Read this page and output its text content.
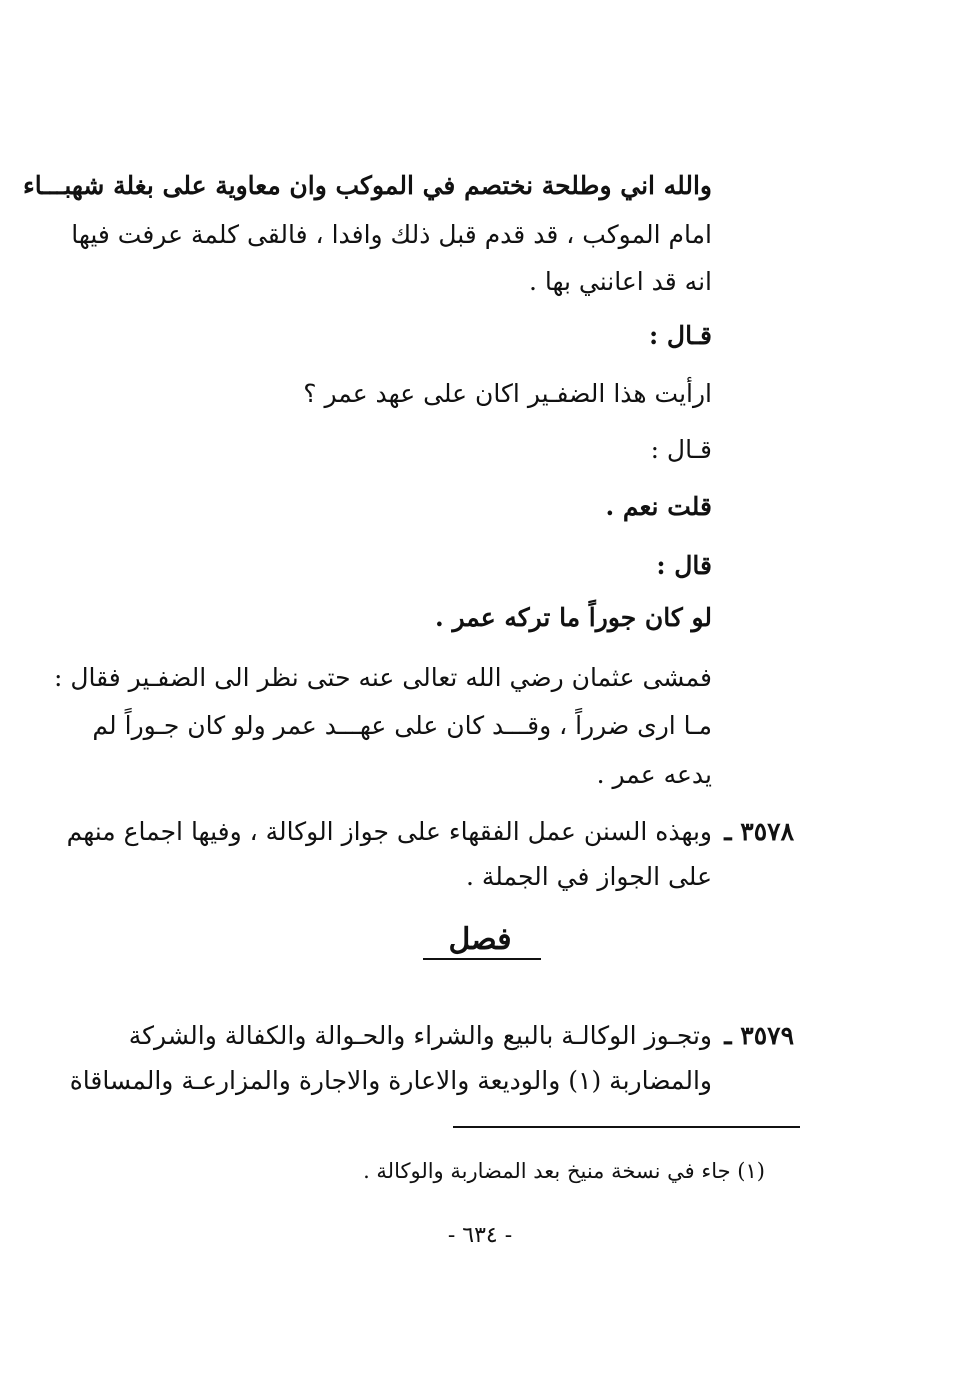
والله اني وطلحة نختصم في الموكب وان معاوية على بغلة شهبـــاء
امام الموكب ، قد قدم قبل ذلك وافدا ، فالقى كلمة عرفت فيها
انه قد اعانني بها .
قـال :
ارأيت هذا الضفـير اكان على عهد عمر ؟
قـال :
قلت نعم .
قال :
لو كان جوراً ما تركه عمر .
فمشى عثمان رضي الله تعالى عنه حتى نظر الى الضفـير فقال :
مـا ارى ضرراً ، وقـــد كان على عهـــد عمر ولو كان جـوراً لم
يدعه عمر .
٣٥٧٨ ـ
وبهذه السنن عمل الفقهاء على جواز الوكالة ، وفيها اجماع منهم
على الجواز في الجملة .
فصل
٣٥٧٩ ـ
وتجـوز الوكالـة بالبيع والشراء والحـوالة والكفالة والشركة
والمضاربة (١) والوديعة والاعارة والاجارة والمزارعـة والمساقاة
(١) جاء في نسخة منيخ بعد المضاربة والوكالة .
- ٦٣٤ -
